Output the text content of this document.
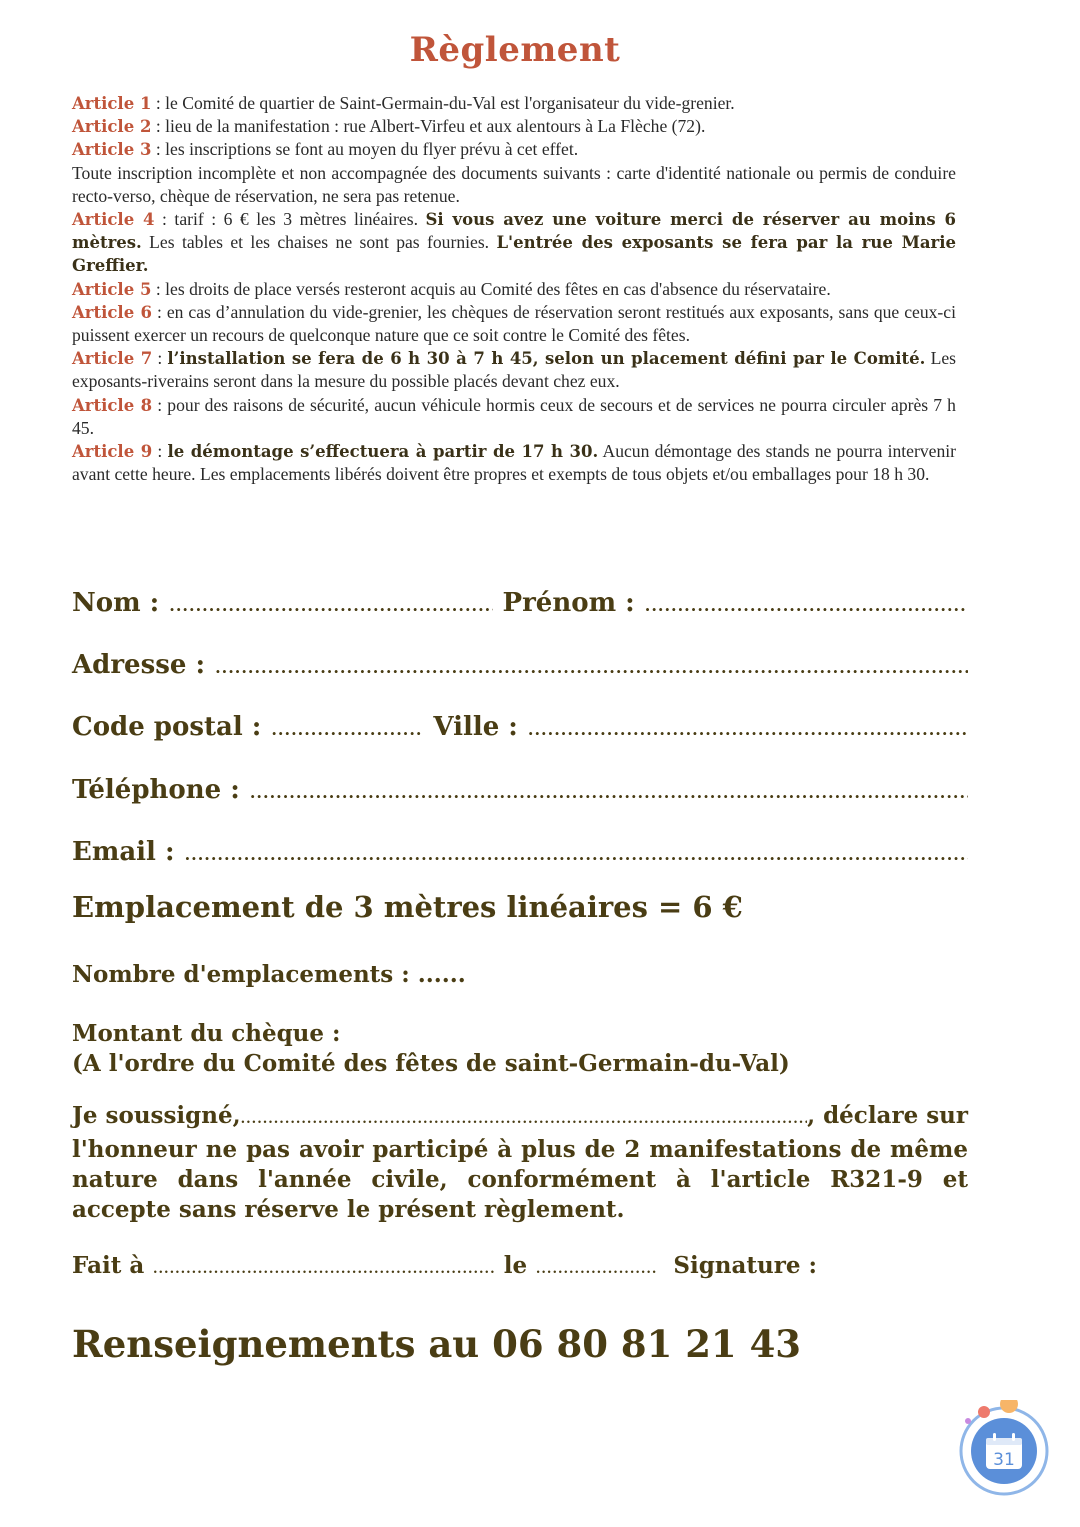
Règlement

Article 1 : le Comité de quartier de Saint-Germain-du-Val est l'organisateur du vide-grenier.

Article 2 : lieu de la manifestation : rue Albert-Virfeu et aux alentours à La Flèche (72).

Article 3 : les inscriptions se font au moyen du flyer prévu à cet effet.

Toute inscription incomplète et non accompagnée des documents suivants : carte d'identité nationale ou permis de conduire recto-verso, chèque de réservation, ne sera pas retenue.

Article 4 : tarif : 6 € les 3 mètres linéaires. Si vous avez une voiture merci de réserver au moins 6 mètres. Les tables et les chaises ne sont pas fournies. L'entrée des exposants se fera par la rue Marie Greffier.

Article 5 : les droits de place versés resteront acquis au Comité des fêtes en cas d'absence du réservataire.

Article 6 : en cas d’annulation du vide-grenier, les chèques de réservation seront restitués aux exposants, sans que ceux-ci puissent exercer un recours de quelconque nature que ce soit contre le Comité des fêtes.

Article 7 : l’installation se fera de 6 h 30 à 7 h 45, selon un placement défini par le Comité. Les exposants-riverains seront dans la mesure du possible placés devant chez eux.

Article 8 : pour des raisons de sécurité, aucun véhicule hormis ceux de secours et de services ne pourra circuler après 7 h 45.

Article 9 : le démontage s’effectuera à partir de 17 h 30. Aucun démontage des stands ne pourra intervenir avant cette heure. Les emplacements libérés doivent être propres et exempts de tous objets et/ou emballages pour 18 h 30.

Nom : .....	Prénom :
.....
Adresse :
.....
Code postal : .....	Ville :
.....
Téléphone :
.....
Email :
.....
Emplacement de 3 mètres linéaires = 6 €
Nombre d'emplacements : ......
Montant du chèque :
(A l'ordre du Comité des fêtes de saint-Germain-du-Val)
Je soussigné, .....	, déclare sur
l'honneur ne pas avoir participé à plus de 2 manifestations de même nature dans l'année civile, conformément à l'article R321-9 et accepte sans réserve le présent règlement.
Fait à .....	le .....	Signature :
Renseignements au 06 80 81 21 43
31
